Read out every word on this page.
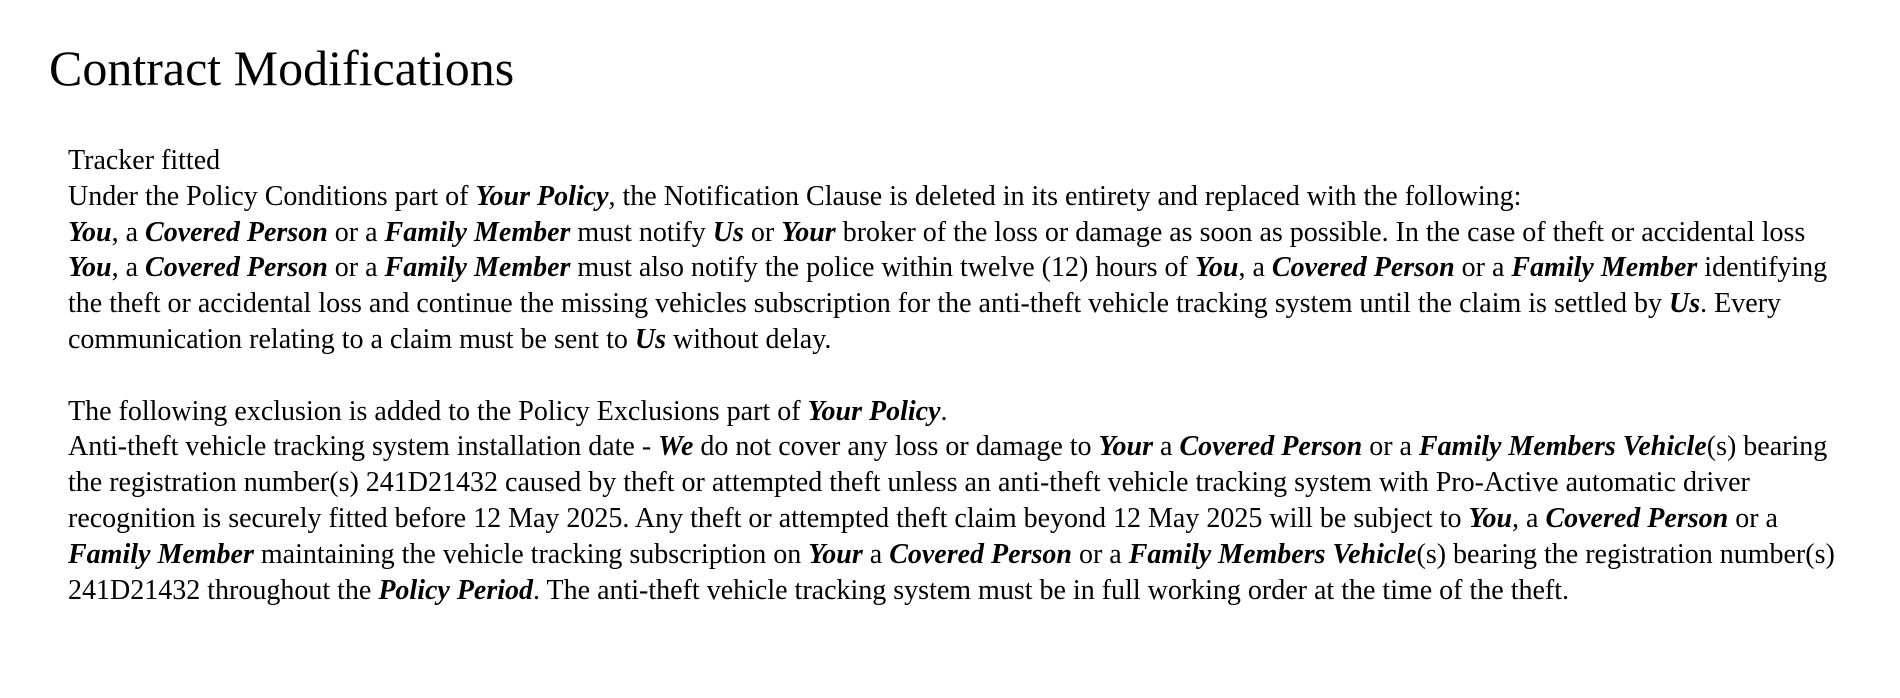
Contract Modifications

Tracker fitted

Under the Policy Conditions part of Your Policy, the Notification Clause is deleted in its entirety and replaced with the following:

You, a Covered Person or a Family Member must notify Us or Your broker of the loss or damage as soon as possible. In the case of theft or accidental loss You, a Covered Person or a Family Member must also notify the police within twelve (12) hours of You, a Covered Person or a Family Member identifying the theft or accidental loss and continue the missing vehicles subscription for the anti-theft vehicle tracking system until the claim is settled by Us. Every communication relating to a claim must be sent to Us without delay.

The following exclusion is added to the Policy Exclusions part of Your Policy.

Anti-theft vehicle tracking system installation date - We do not cover any loss or damage to Your a Covered Person or a Family Members Vehicle(s) bearing the registration number(s) 241D21432 caused by theft or attempted theft unless an anti-theft vehicle tracking system with Pro-Active automatic driver recognition is securely fitted before 12 May 2025. Any theft or attempted theft claim beyond 12 May 2025 will be subject to You, a Covered Person or a Family Member maintaining the vehicle tracking subscription on Your a Covered Person or a Family Members Vehicle(s) bearing the registration number(s) 241D21432 throughout the Policy Period. The anti-theft vehicle tracking system must be in full working order at the time of the theft.
